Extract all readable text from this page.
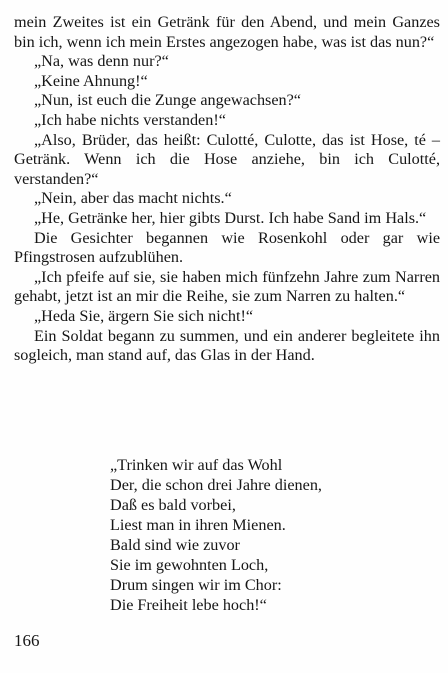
mein Zweites ist ein Getränk für den Abend, und mein Ganzes bin ich, wenn ich mein Erstes angezogen habe, was ist das nun?“

„Na, was denn nur?“

„Keine Ahnung!“

„Nun, ist euch die Zunge angewachsen?“

„Ich habe nichts verstanden!“

„Also, Brüder, das heißt: Culotté, Culotte, das ist Hose, té – Getränk. Wenn ich die Hose anziehe, bin ich Culotté, verstanden?“

„Nein, aber das macht nichts.“

„He, Getränke her, hier gibts Durst. Ich habe Sand im Hals.“

Die Gesichter begannen wie Rosenkohl oder gar wie Pfingstrosen aufzublühen.

„Ich pfeife auf sie, sie haben mich fünfzehn Jahre zum Narren gehabt, jetzt ist an mir die Reihe, sie zum Narren zu halten.“

„Heda Sie, ärgern Sie sich nicht!“

Ein Soldat begann zu summen, und ein anderer begleitete ihn sogleich, man stand auf, das Glas in der Hand.

„Trinken wir auf das Wohl
Der, die schon drei Jahre dienen,
Daß es bald vorbei,
Liest man in ihren Mienen.
Bald sind wie zuvor
Sie im gewohnten Loch,
Drum singen wir im Chor:
Die Freiheit lebe hoch!“
166
